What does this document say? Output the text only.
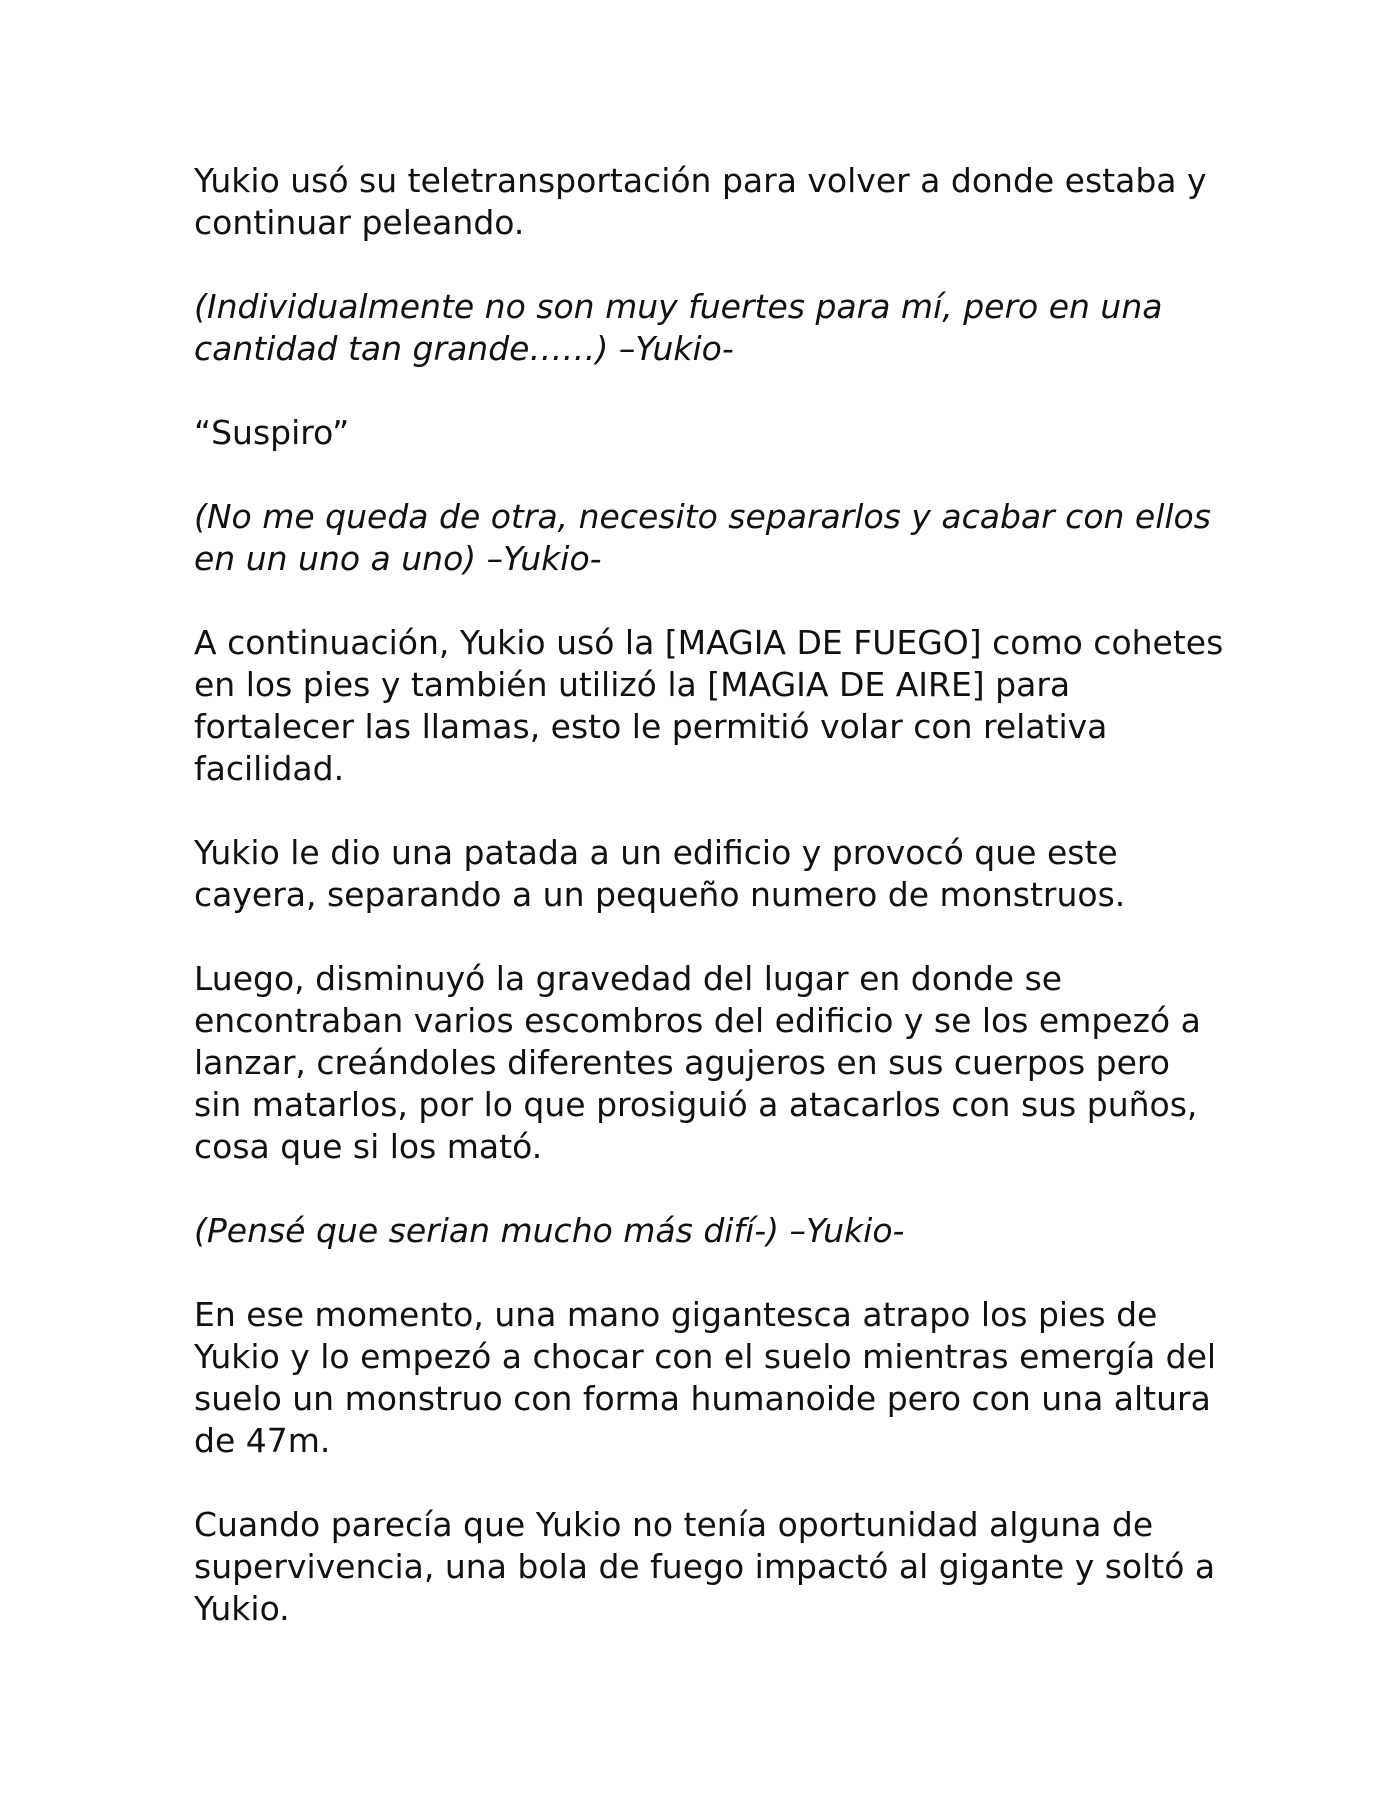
Yukio usó su teletransportación para volver a donde estaba y continuar peleando.

(Individualmente no son muy fuertes para mí, pero en una cantidad tan grande……) –Yukio-

“Suspiro”

(No me queda de otra, necesito separarlos y acabar con ellos en un uno a uno) –Yukio-

A continuación, Yukio usó la [MAGIA DE FUEGO] como cohetes en los pies y también utilizó la [MAGIA DE AIRE] para fortalecer las llamas, esto le permitió volar con relativa facilidad.

Yukio le dio una patada a un edificio y provocó que este cayera, separando a un pequeño numero de monstruos.

Luego, disminuyó la gravedad del lugar en donde se encontraban varios escombros del edificio y se los empezó a lanzar, creándoles diferentes agujeros en sus cuerpos pero sin matarlos, por lo que prosiguió a atacarlos con sus puños, cosa que si los mató.

(Pensé que serian mucho más difí-) –Yukio-

En ese momento, una mano gigantesca atrapo los pies de Yukio y lo empezó a chocar con el suelo mientras emergía del suelo un monstruo con forma humanoide pero con una altura de 47m.

Cuando parecía que Yukio no tenía oportunidad alguna de supervivencia, una bola de fuego impactó al gigante y soltó a Yukio.
